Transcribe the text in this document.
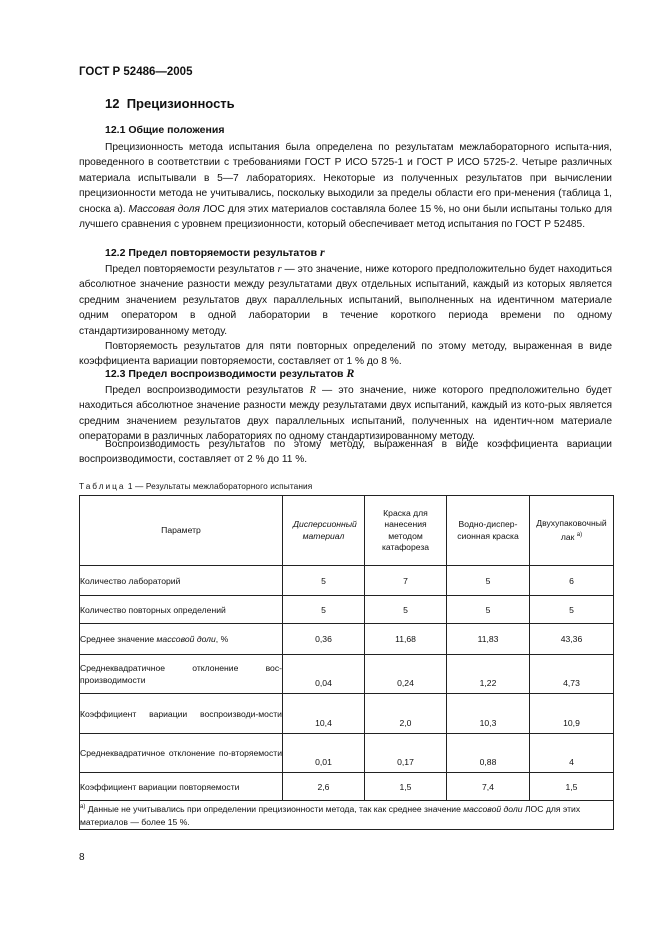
ГОСТ Р 52486—2005
12 Прецизионность
12.1 Общие положения

Прецизионность метода испытания была определена по результатам межлабораторного испыта-ния, проведенного в соответствии с требованиями ГОСТ Р ИСО 5725-1 и ГОСТ Р ИСО 5725-2. Четыре различных материала испытывали в 5—7 лабораториях. Некоторые из полученных результатов при вычислении прецизионности метода не учитывались, поскольку выходили за пределы области его при-менения (таблица 1, сноска а). Массовая доля ЛОС для этих материалов составляла более 15 %, но они были испытаны только для лучшего сравнения с уровнем прецизионности, который обеспечивает метод испытания по ГОСТ Р 52485.

12.2 Предел повторяемости результатов r

Предел повторяемости результатов r — это значение, ниже которого предположительно будет находиться абсолютное значение разности между результатами двух отдельных испытаний, каждый из которых является средним значением результатов двух параллельных испытаний, выполненных на идентичном материале одним оператором в одной лаборатории в течение короткого периода времени по одному стандартизированному методу.

Повторяемость результатов для пяти повторных определений по этому методу, выраженная в виде коэффициента вариации повторяемости, составляет от 1 % до 8 %.

12.3 Предел воспроизводимости результатов R

Предел воспроизводимости результатов R — это значение, ниже которого предположительно будет находиться абсолютное значение разности между результатами двух испытаний, каждый из кото-рых является средним значением результатов двух параллельных испытаний, полученных на идентич-ном материале операторами в различных лабораториях по одному стандартизированному методу.

Воспроизводимость результатов по этому методу, выраженная в виде коэффициента вариации воспроизводимости, составляет от 2 % до 11 %.

Таблица 1 — Результаты межлабораторного испытания
Параметр	Дисперсионный материал	Краска для нанесения методом катафореза	Водно-диспер-сионная краска	Двухупаковочный лак $^{а)}$
Количество лабораторий	5	7	5	6
Количество повторных определений	5	5	5	5
Среднее значение массовой доли, %	0,36	11,68	11,83	43,36
Среднеквадратичное отклонение вос-производимости	0,04	0,24	1,22	4,73
Коэффициент вариации воспроизводи-мости	10,4	2,0	10,3	10,9
Среднеквадратичное отклонение по-вторяемости	0,01	0,17	0,88	4
Коэффициент вариации повторяемости	2,6	1,5	7,4	1,5
$^{а)}$ Данные не учитывались при определении прецизионности метода, так как среднее значение массовой доли ЛОС для этих материалов — более 15 %.				
8
